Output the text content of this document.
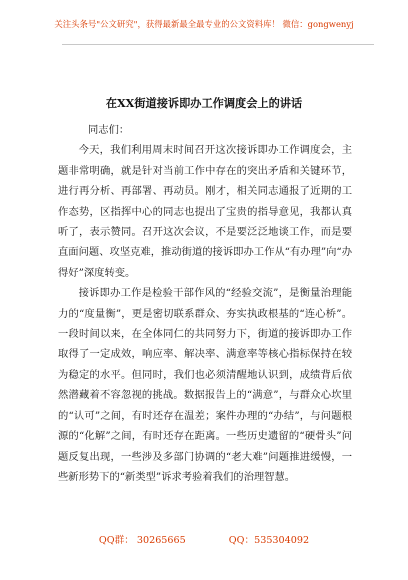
关注头条号"公文研究"，获得最新最全最专业的公文资料库！ 微信：gongwenyj
在XX街道接诉即办工作调度会上的讲话

同志们：

今天，我们利用周末时间召开这次接诉即办工作调度会，主题非常明确，就是针对当前工作中存在的突出矛盾和关键环节，进行再分析、再部署、再动员。刚才，相关同志通报了近期的工作态势，区指挥中心的同志也提出了宝贵的指导意见，我都认真听了，表示赞同。召开这次会议，不是要泛泛地谈工作，而是要直面问题、攻坚克难，推动街道的接诉即办工作从“有办理”向“办得好”深度转变。

接诉即办工作是检验干部作风的“经验交流”，是衡量治理能力的“度量衡”，更是密切联系群众、夯实执政根基的“连心桥”。一段时间以来，在全体同仁的共同努力下，街道的接诉即办工作取得了一定成效，响应率、解决率、满意率等核心指标保持在较为稳定的水平。但同时，我们也必须清醒地认识到，成绩背后依然潜藏着不容忽视的挑战。数据报告上的“满意”，与群众心坎里的“认可”之间，有时还存在温差；案件办理的“办结”，与问题根源的“化解”之间，有时还存在距离。一些历史遗留的“硬骨头”问题反复出现，一些涉及多部门协调的“老大难”问题推进缓慢，一些新形势下的“新类型”诉求考验着我们的治理智慧。

QQ群： 30265665	QQ：535304092
